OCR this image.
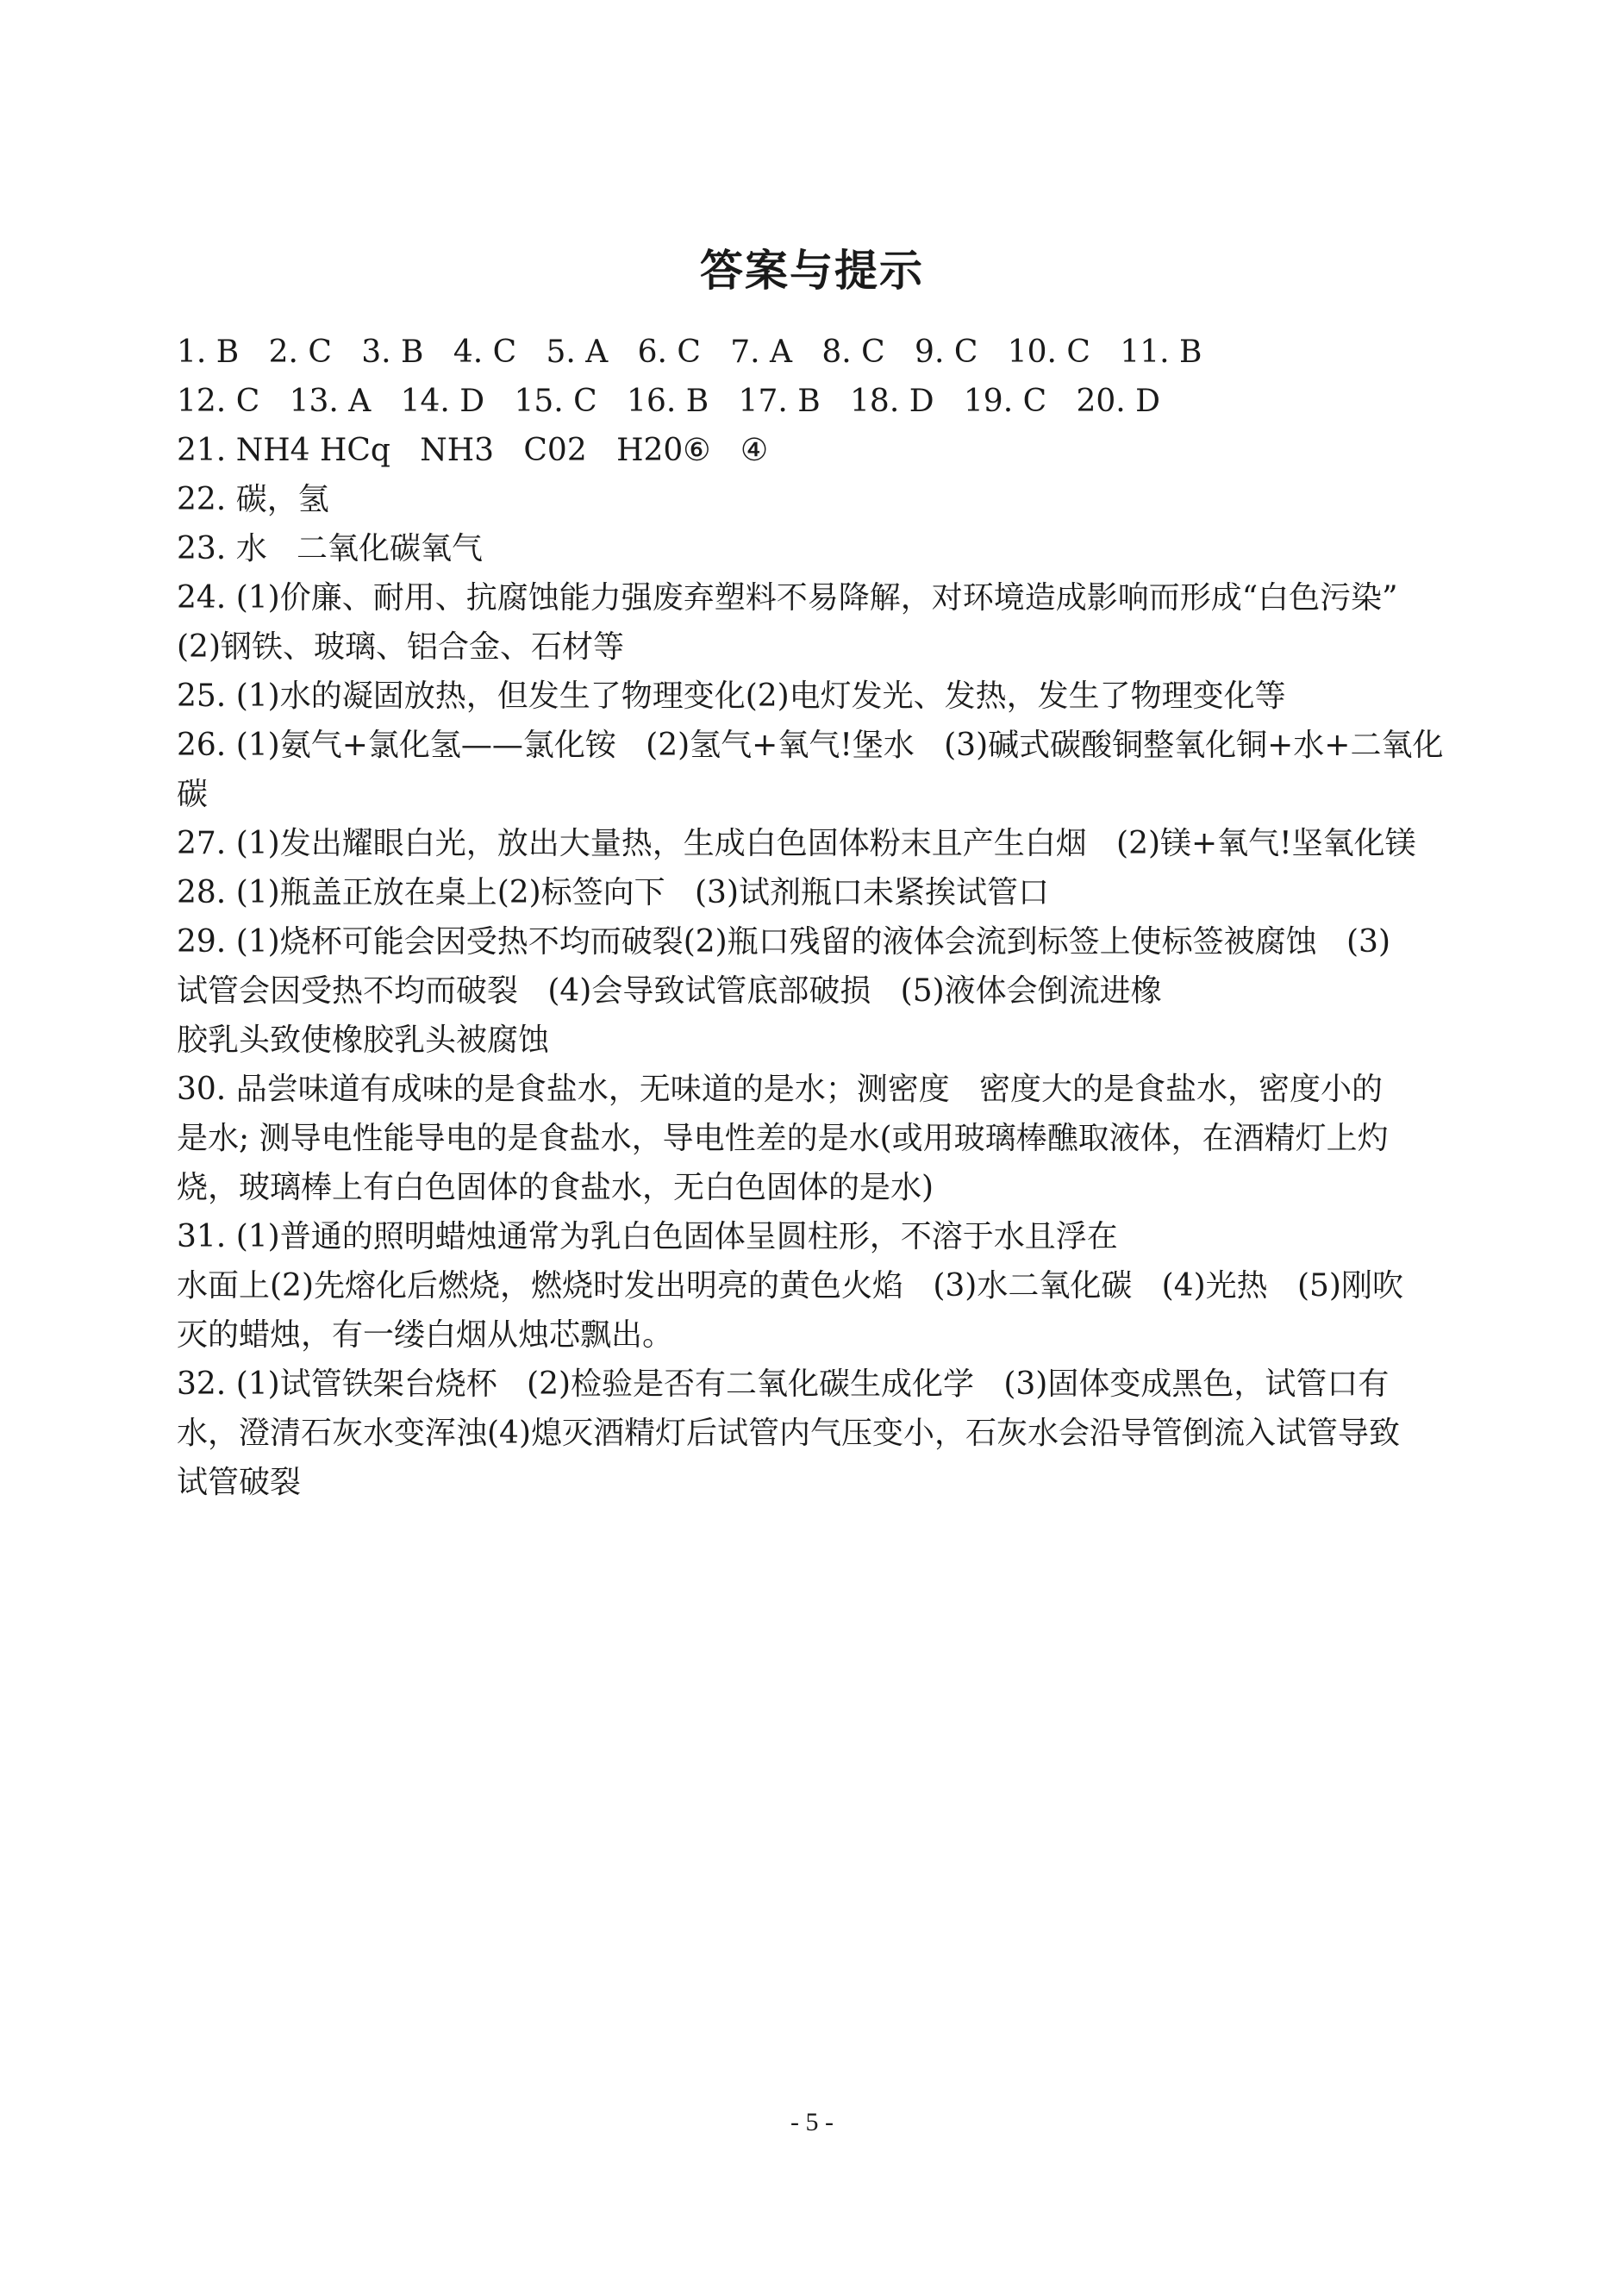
答案与提示
1. B   2. C   3. B   4. C   5. A   6. C   7. A   8. C   9. C   10. C   11. B
12. C   13. A   14. D   15. C   16. B   17. B   18. D   19. C   20. D
21. NH4 HCq   NH3   C02   H20⑥   ④
22. 碳，氢
23. 水   二氧化碳氧气
24. (1)价廉、耐用、抗腐蚀能力强废弃塑料不易降解，对环境造成影响而形成“白色污染”
(2)钢铁、玻璃、铝合金、石材等
25. (1)水的凝固放热，但发生了物理变化(2)电灯发光、发热，发生了物理变化等
26. (1)氨气+氯化氢——氯化铵   (2)氢气+氧气!堡水   (3)碱式碳酸铜整氧化铜+水+二氧化
碳
27. (1)发出耀眼白光，放出大量热，生成白色固体粉末且产生白烟   (2)镁+氧气!坚氧化镁
28. (1)瓶盖正放在桌上(2)标签向下   (3)试剂瓶口未紧挨试管口
29. (1)烧杯可能会因受热不均而破裂(2)瓶口残留的液体会流到标签上使标签被腐蚀   (3)
试管会因受热不均而破裂   (4)会导致试管底部破损   (5)液体会倒流进橡
胶乳头致使橡胶乳头被腐蚀
30. 品尝味道有成味的是食盐水，无味道的是水；测密度   密度大的是食盐水，密度小的
是水; 测导电性能导电的是食盐水，导电性差的是水(或用玻璃棒醮取液体，在酒精灯上灼
烧，玻璃棒上有白色固体的食盐水，无白色固体的是水)
31. (1)普通的照明蜡烛通常为乳白色固体呈圆柱形，不溶于水且浮在
水面上(2)先熔化后燃烧，燃烧时发出明亮的黄色火焰   (3)水二氧化碳   (4)光热   (5)刚吹
灭的蜡烛，有一缕白烟从烛芯飘出。
32. (1)试管铁架台烧杯   (2)检验是否有二氧化碳生成化学   (3)固体变成黑色，试管口有
水，澄清石灰水变浑浊(4)熄灭酒精灯后试管内气压变小，石灰水会沿导管倒流入试管导致
试管破裂
- 5 -
